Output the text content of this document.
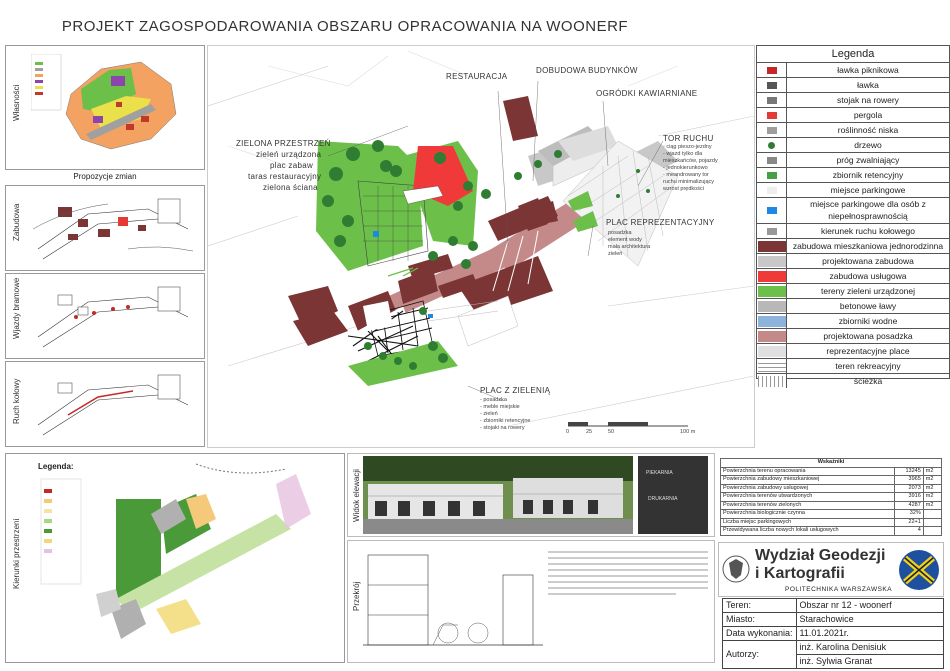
PROJEKT ZAGOSPODAROWANIA OBSZARU OPRACOWANIA NA WOONERF
Własności
Propozycje zmian
Zabudowa
Wjazdy bramowe
Ruch kołowy
Kierunki przestrzeni
Legenda:
RESTAURACJA
DOBUDOWA BUDYNKÓW
OGRÓDKI KAWIARNIANE
ZIELONA PRZESTRZEŃ
zieleń urządzona
plac zabaw
taras restauracyjny
zielona ściana
TOR RUCHU
- ciąg pieszo-jezdny
- wjazd tylko dla
mieszkańców, pojazdy
- jednokierunkowo
- meandrowany tor
ruchu minimalizujący
wzrost prędkości
PLAC REPREZENTACYJNY
posadzka
element wody
mała architektura
zieleń
PLAC Z ZIELENIĄ
- posadzka
- meble miejskie
- zieleń
- zbiorniki retencyjne
- stojaki na rowery
0	25	50	100 m
Legenda
ławka piknikowa
ławka
stojak na rowery
pergola
roślinność niska
drzewo
próg zwalniający
zbiornik retencyjny
miejsce parkingowe
miejsce parkingowe dla osób z niepełnosprawnością
kierunek ruchu kołowego
zabudowa mieszkaniowa jednorodzinna
projektowana zabudowa
zabudowa usługowa
tereny zieleni urządzonej
betonowe ławy
zbiorniki wodne
projektowana posadzka
reprezentacyjne place
teren rekreacyjny
ścieżka
Widok elewacji	PIEKARNIA
DRUKARNIA
Przekrój
Wskaźniki		
Powierzchnia terenu opracowania	13245	m2
Powierzchnia zabudowy mieszkaniowej	3965	m2
Powierzchnia zabudowy usługowej	2073	m2
Powierzchnia terenów utwardzonych	3916	m2
Powierzchnia terenów zielonych	4287	m2
Powierzchnia biologicznie czynna	32%	
Liczba miejsc parkingowych	22+1	
Przewidywana liczba nowych lokali usługowych	4	
Wydział Geodezji
i Kartografii
POLITECHNIKA WARSZAWSKA
Teren:	Obszar nr 12 - woonerf
Miasto:	Starachowice
Data wykonania:	11.01.2021r.
Autorzy:	inż. Karolina Denisiuk
	inż. Sylwia Granat
